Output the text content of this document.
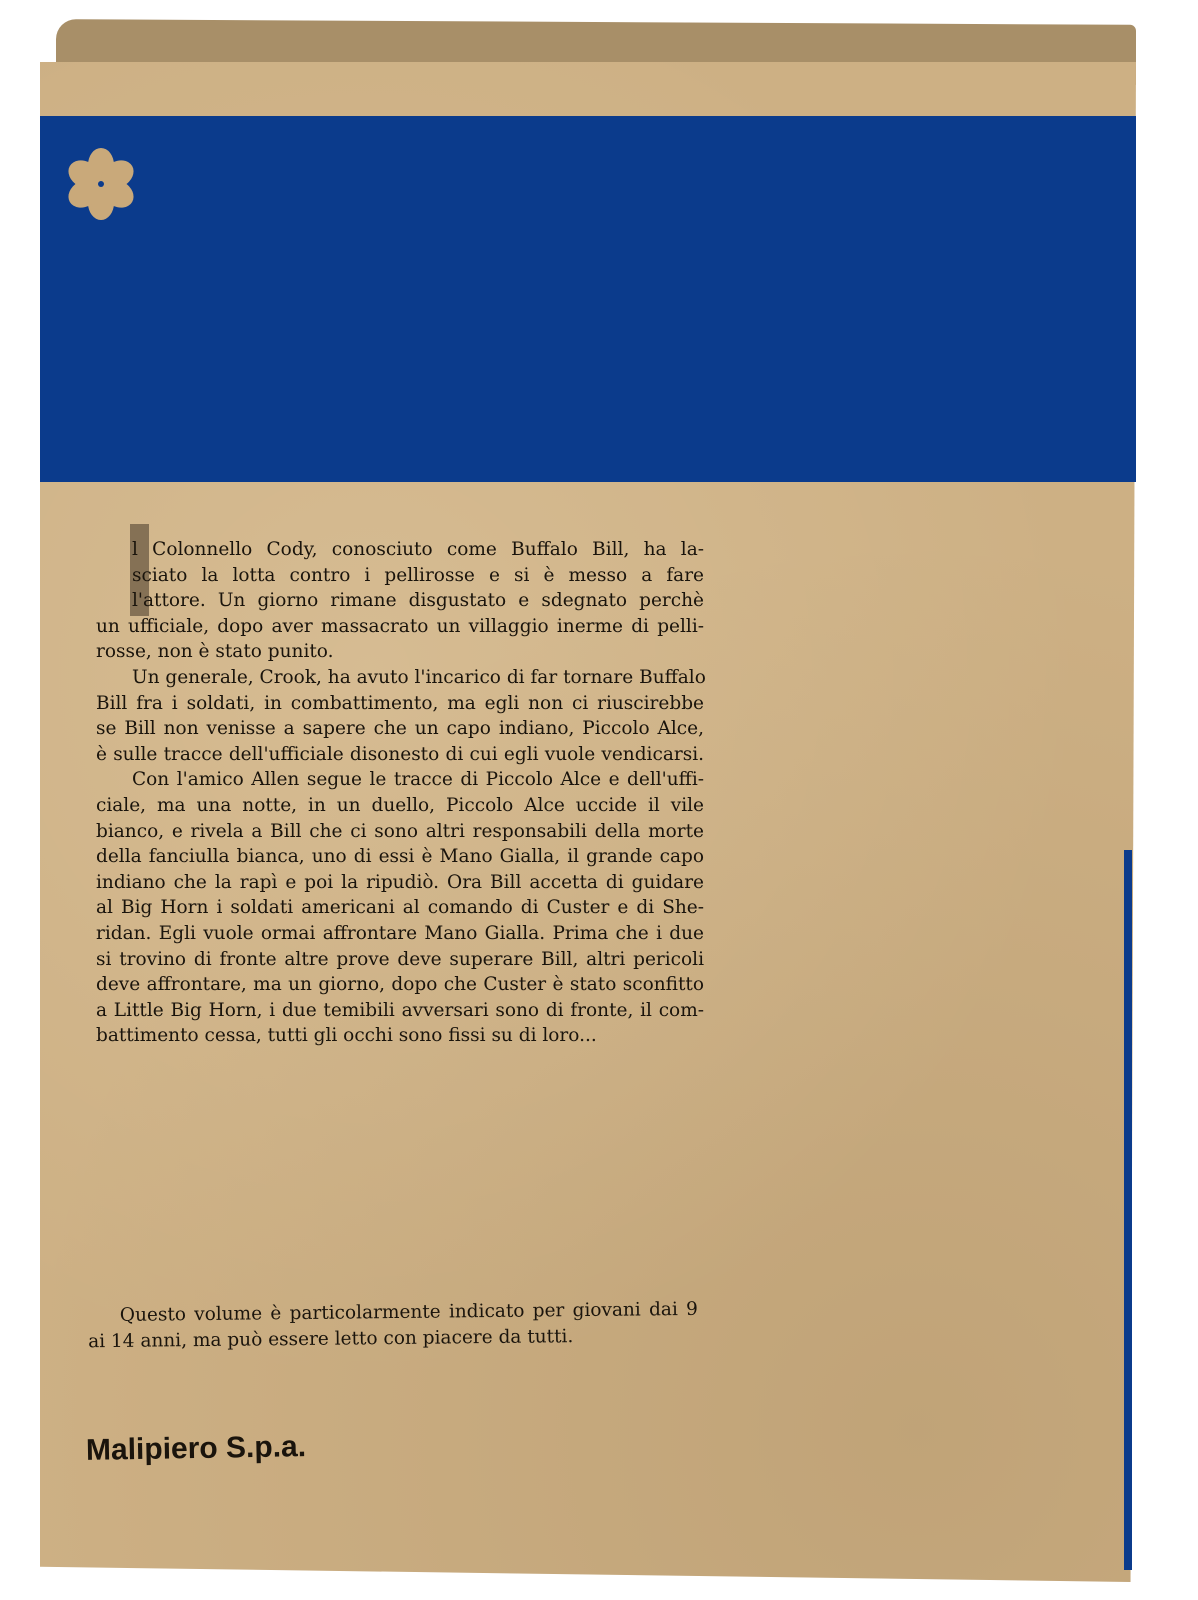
l Colonnello Cody, conosciuto come Buffalo Bill, ha la-
sciato la lotta contro i pellirosse e si è messo a fare
l'attore. Un giorno rimane disgustato e sdegnato perchè
un ufficiale, dopo aver massacrato un villaggio inerme di pelli-
rosse, non è stato punito.
Un generale, Crook, ha avuto l'incarico di far tornare Buffalo
Bill fra i soldati, in combattimento, ma egli non ci riuscirebbe
se Bill non venisse a sapere che un capo indiano, Piccolo Alce,
è sulle tracce dell'ufficiale disonesto di cui egli vuole vendicarsi.
Con l'amico Allen segue le tracce di Piccolo Alce e dell'uffi-
ciale, ma una notte, in un duello, Piccolo Alce uccide il vile
bianco, e rivela a Bill che ci sono altri responsabili della morte
della fanciulla bianca, uno di essi è Mano Gialla, il grande capo
indiano che la rapì e poi la ripudiò. Ora Bill accetta di guidare
al Big Horn i soldati americani al comando di Custer e di She-
ridan. Egli vuole ormai affrontare Mano Gialla. Prima che i due
si trovino di fronte altre prove deve superare Bill, altri pericoli
deve affrontare, ma un giorno, dopo che Custer è stato sconfitto
a Little Big Horn, i due temibili avversari sono di fronte, il com-
battimento cessa, tutti gli occhi sono fissi su di loro...
Questo volume è particolarmente indicato per giovani dai 9
ai 14 anni, ma può essere letto con piacere da tutti.
Malipiero S.p.a.
